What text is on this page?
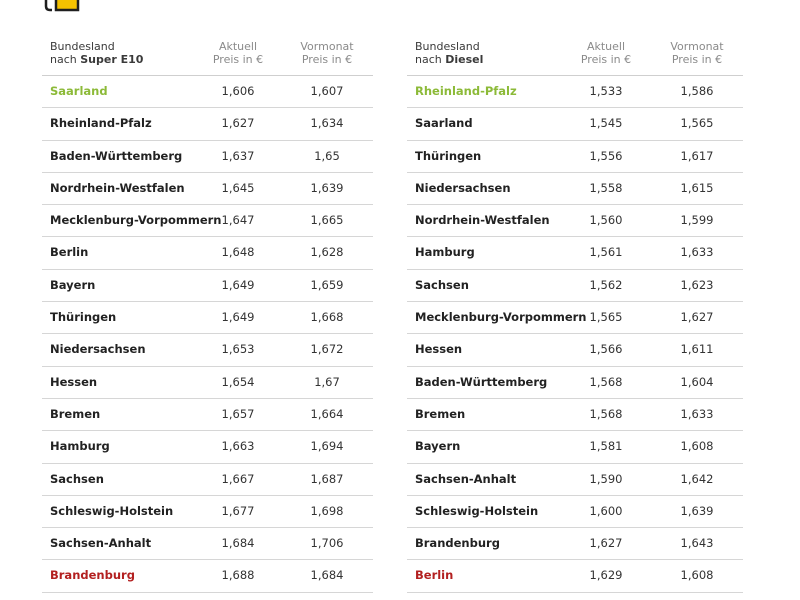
Bundesland
nach Super E10
Aktuell
Preis in €
Vormonat
Preis in €
Saarland	1,606	1,607
Rheinland-Pfalz	1,627	1,634
Baden-Württemberg	1,637	1,65
Nordrhein-Westfalen	1,645	1,639
Mecklenburg-Vorpommern 1,647	1,665
Berlin	1,648	1,628
Bayern	1,649	1,659
Thüringen	1,649	1,668
Niedersachsen	1,653	1,672
Hessen	1,654	1,67
Bremen	1,657	1,664
Hamburg	1,663	1,694
Sachsen	1,667	1,687
Schleswig-Holstein	1,677	1,698
Sachsen-Anhalt	1,684	1,706
Brandenburg	1,688	1,684
Bundesland
nach Diesel
Aktuell
Preis in €
Vormonat
Preis in €
Rheinland-Pfalz	1,533	1,586
Saarland	1,545	1,565
Thüringen	1,556	1,617
Niedersachsen	1,558	1,615
Nordrhein-Westfalen	1,560	1,599
Hamburg	1,561	1,633
Sachsen	1,562	1,623
Mecklenburg-Vorpommern 1,565	1,627
Hessen	1,566	1,611
Baden-Württemberg	1,568	1,604
Bremen	1,568	1,633
Bayern	1,581	1,608
Sachsen-Anhalt	1,590	1,642
Schleswig-Holstein	1,600	1,639
Brandenburg	1,627	1,643
Berlin	1,629	1,608
